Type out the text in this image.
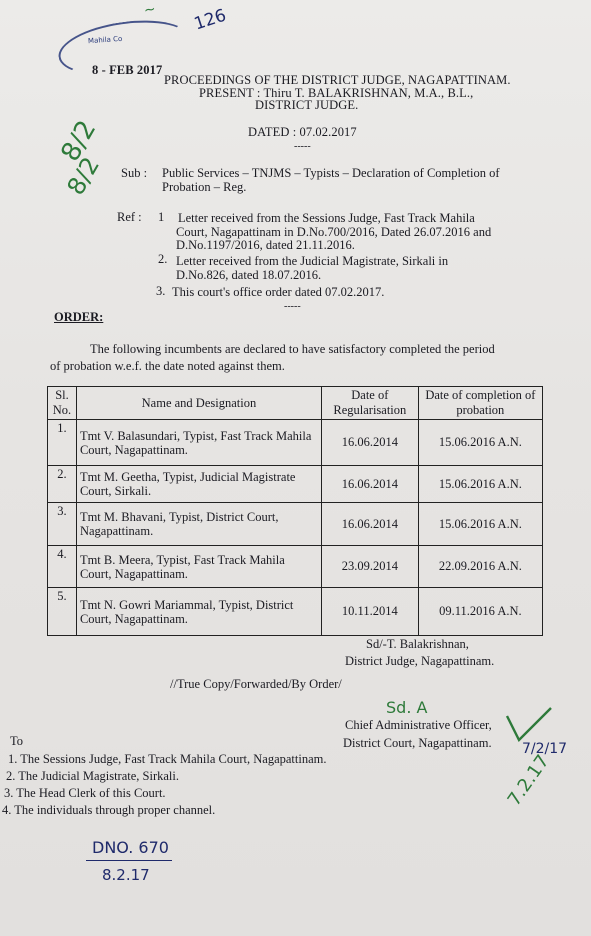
Mahila Co
126
~
8 - FEB 2017
PROCEEDINGS OF THE DISTRICT JUDGE, NAGAPATTINAM.
PRESENT : Thiru T. BALAKRISHNAN, M.A., B.L.,
DISTRICT JUDGE.
DATED : 07.02.2017
-----
8/2
8/2 Sub : Public Services – TNJMS – Typists – Declaration of Completion of
Probation – Reg.
Ref : 1 Letter received from the Sessions Judge, Fast Track Mahila
Court, Nagapattinam in D.No.700/2016, Dated 26.07.2016 and
D.No.1197/2016, dated 21.11.2016.
2. Letter received from the Judicial Magistrate, Sirkali in
D.No.826, dated 18.07.2016.
3. This court's office order dated 07.02.2017.
-----
ORDER:
The following incumbents are declared to have satisfactory completed the period
of probation w.e.f. the date noted against them.
Sl. No.	Name and Designation	Date of Regularisation	Date of completion of probation
1.	Tmt V. Balasundari, Typist, Fast Track Mahila Court, Nagapattinam.	16.06.2014	15.06.2016 A.N.
2.	Tmt M. Geetha, Typist, Judicial Magistrate Court, Sirkali.	16.06.2014	15.06.2016 A.N.
3.	Tmt M. Bhavani, Typist, District Court, Nagapattinam.	16.06.2014	15.06.2016 A.N.
4.	Tmt B. Meera, Typist, Fast Track Mahila Court, Nagapattinam.	23.09.2014	22.09.2016 A.N.
5.	Tmt N. Gowri Mariammal, Typist, District Court, Nagapattinam.	10.11.2014	09.11.2016 A.N.
Sd/-T. Balakrishnan,
District Judge, Nagapattinam.
//True Copy/Forwarded/By Order/
Sd. A
Chief Administrative Officer,
District Court, Nagapattinam. 7/2/17
7.2.17
To
1. The Sessions Judge, Fast Track Mahila Court, Nagapattinam.
2. The Judicial Magistrate, Sirkali.
3. The Head Clerk of this Court.
4. The individuals through proper channel.
DNO. 670
8.2.17
